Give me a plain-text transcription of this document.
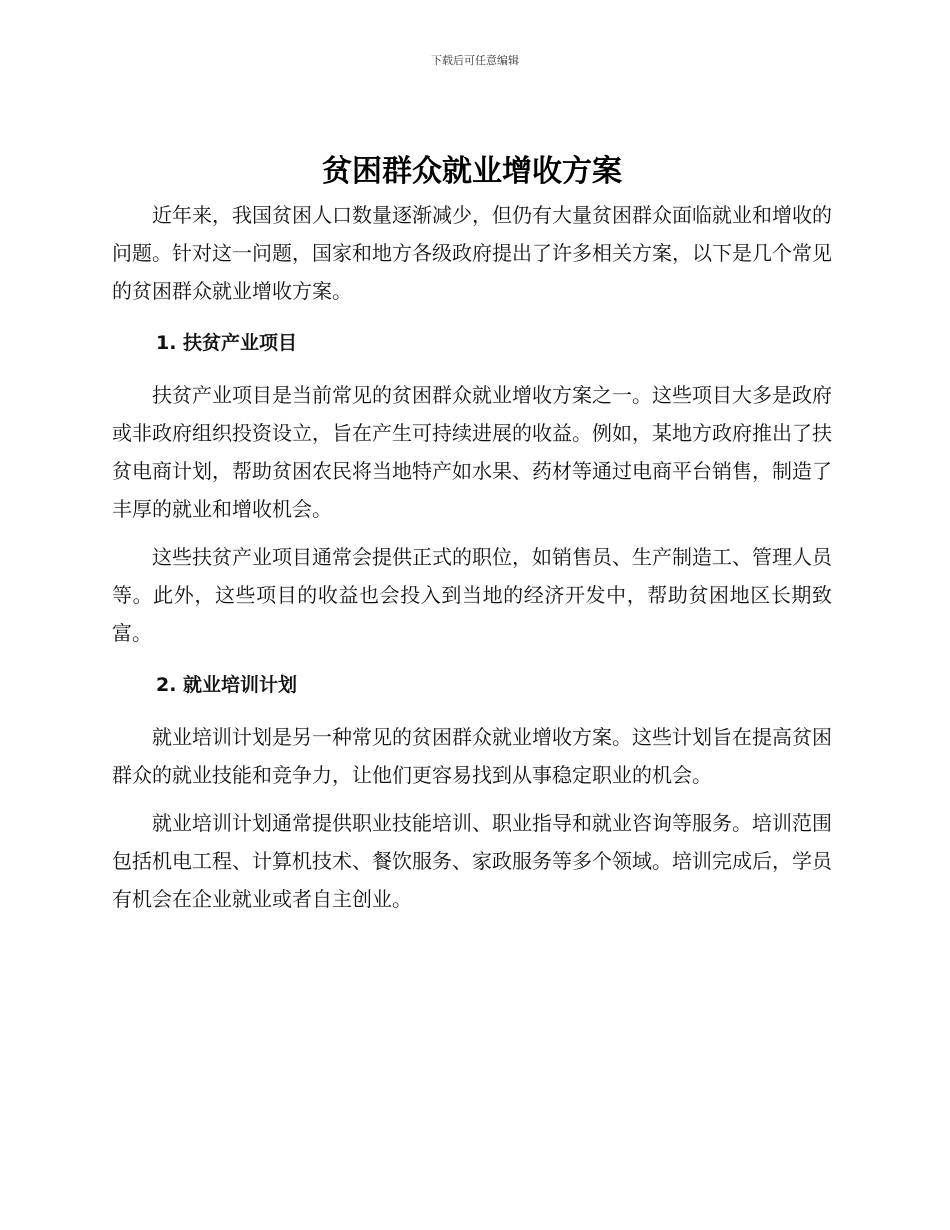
下载后可任意编辑
贫困群众就业增收方案

近年来，我国贫困人口数量逐渐减少，但仍有大量贫困群众面临就业和增收的问题。针对这一问题，国家和地方各级政府提出了许多相关方案，以下是几个常见的贫困群众就业增收方案。

1. 扶贫产业项目

扶贫产业项目是当前常见的贫困群众就业增收方案之一。这些项目大多是政府或非政府组织投资设立，旨在产生可持续进展的收益。例如，某地方政府推出了扶贫电商计划，帮助贫困农民将当地特产如水果、药材等通过电商平台销售，制造了丰厚的就业和增收机会。

这些扶贫产业项目通常会提供正式的职位，如销售员、生产制造工、管理人员等。此外，这些项目的收益也会投入到当地的经济开发中，帮助贫困地区长期致富。

2. 就业培训计划

就业培训计划是另一种常见的贫困群众就业增收方案。这些计划旨在提高贫困群众的就业技能和竞争力，让他们更容易找到从事稳定职业的机会。

就业培训计划通常提供职业技能培训、职业指导和就业咨询等服务。培训范围包括机电工程、计算机技术、餐饮服务、家政服务等多个领域。培训完成后，学员有机会在企业就业或者自主创业。
